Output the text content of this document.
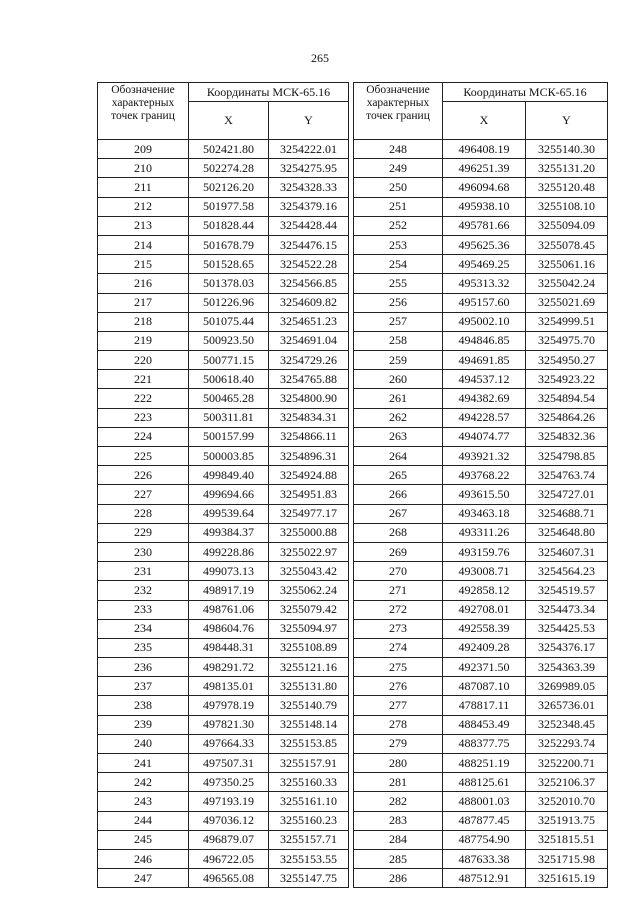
265
Обозначение
характерных
точек границ	Координаты МСК-65.16	
	X	Y
209	502421.80	3254222.01
210	502274.28	3254275.95
211	502126.20	3254328.33
212	501977.58	3254379.16
213	501828.44	3254428.44
214	501678.79	3254476.15
215	501528.65	3254522.28
216	501378.03	3254566.85
217	501226.96	3254609.82
218	501075.44	3254651.23
219	500923.50	3254691.04
220	500771.15	3254729.26
221	500618.40	3254765.88
222	500465.28	3254800.90
223	500311.81	3254834.31
224	500157.99	3254866.11
225	500003.85	3254896.31
226	499849.40	3254924.88
227	499694.66	3254951.83
228	499539.64	3254977.17
229	499384.37	3255000.88
230	499228.86	3255022.97
231	499073.13	3255043.42
232	498917.19	3255062.24
233	498761.06	3255079.42
234	498604.76	3255094.97
235	498448.31	3255108.89
236	498291.72	3255121.16
237	498135.01	3255131.80
238	497978.19	3255140.79
239	497821.30	3255148.14
240	497664.33	3255153.85
241	497507.31	3255157.91
242	497350.25	3255160.33
243	497193.19	3255161.10
244	497036.12	3255160.23
245	496879.07	3255157.71
246	496722.05	3255153.55
247	496565.08	3255147.75
Обозначение
характерных
точек границ	Координаты МСК-65.16	
	X	Y
248	496408.19	3255140.30
249	496251.39	3255131.20
250	496094.68	3255120.48
251	495938.10	3255108.10
252	495781.66	3255094.09
253	495625.36	3255078.45
254	495469.25	3255061.16
255	495313.32	3255042.24
256	495157.60	3255021.69
257	495002.10	3254999.51
258	494846.85	3254975.70
259	494691.85	3254950.27
260	494537.12	3254923.22
261	494382.69	3254894.54
262	494228.57	3254864.26
263	494074.77	3254832.36
264	493921.32	3254798.85
265	493768.22	3254763.74
266	493615.50	3254727.01
267	493463.18	3254688.71
268	493311.26	3254648.80
269	493159.76	3254607.31
270	493008.71	3254564.23
271	492858.12	3254519.57
272	492708.01	3254473.34
273	492558.39	3254425.53
274	492409.28	3254376.17
275	492371.50	3254363.39
276	487087.10	3269989.05
277	478817.11	3265736.01
278	488453.49	3252348.45
279	488377.75	3252293.74
280	488251.19	3252200.71
281	488125.61	3252106.37
282	488001.03	3252010.70
283	487877.45	3251913.75
284	487754.90	3251815.51
285	487633.38	3251715.98
286	487512.91	3251615.19
